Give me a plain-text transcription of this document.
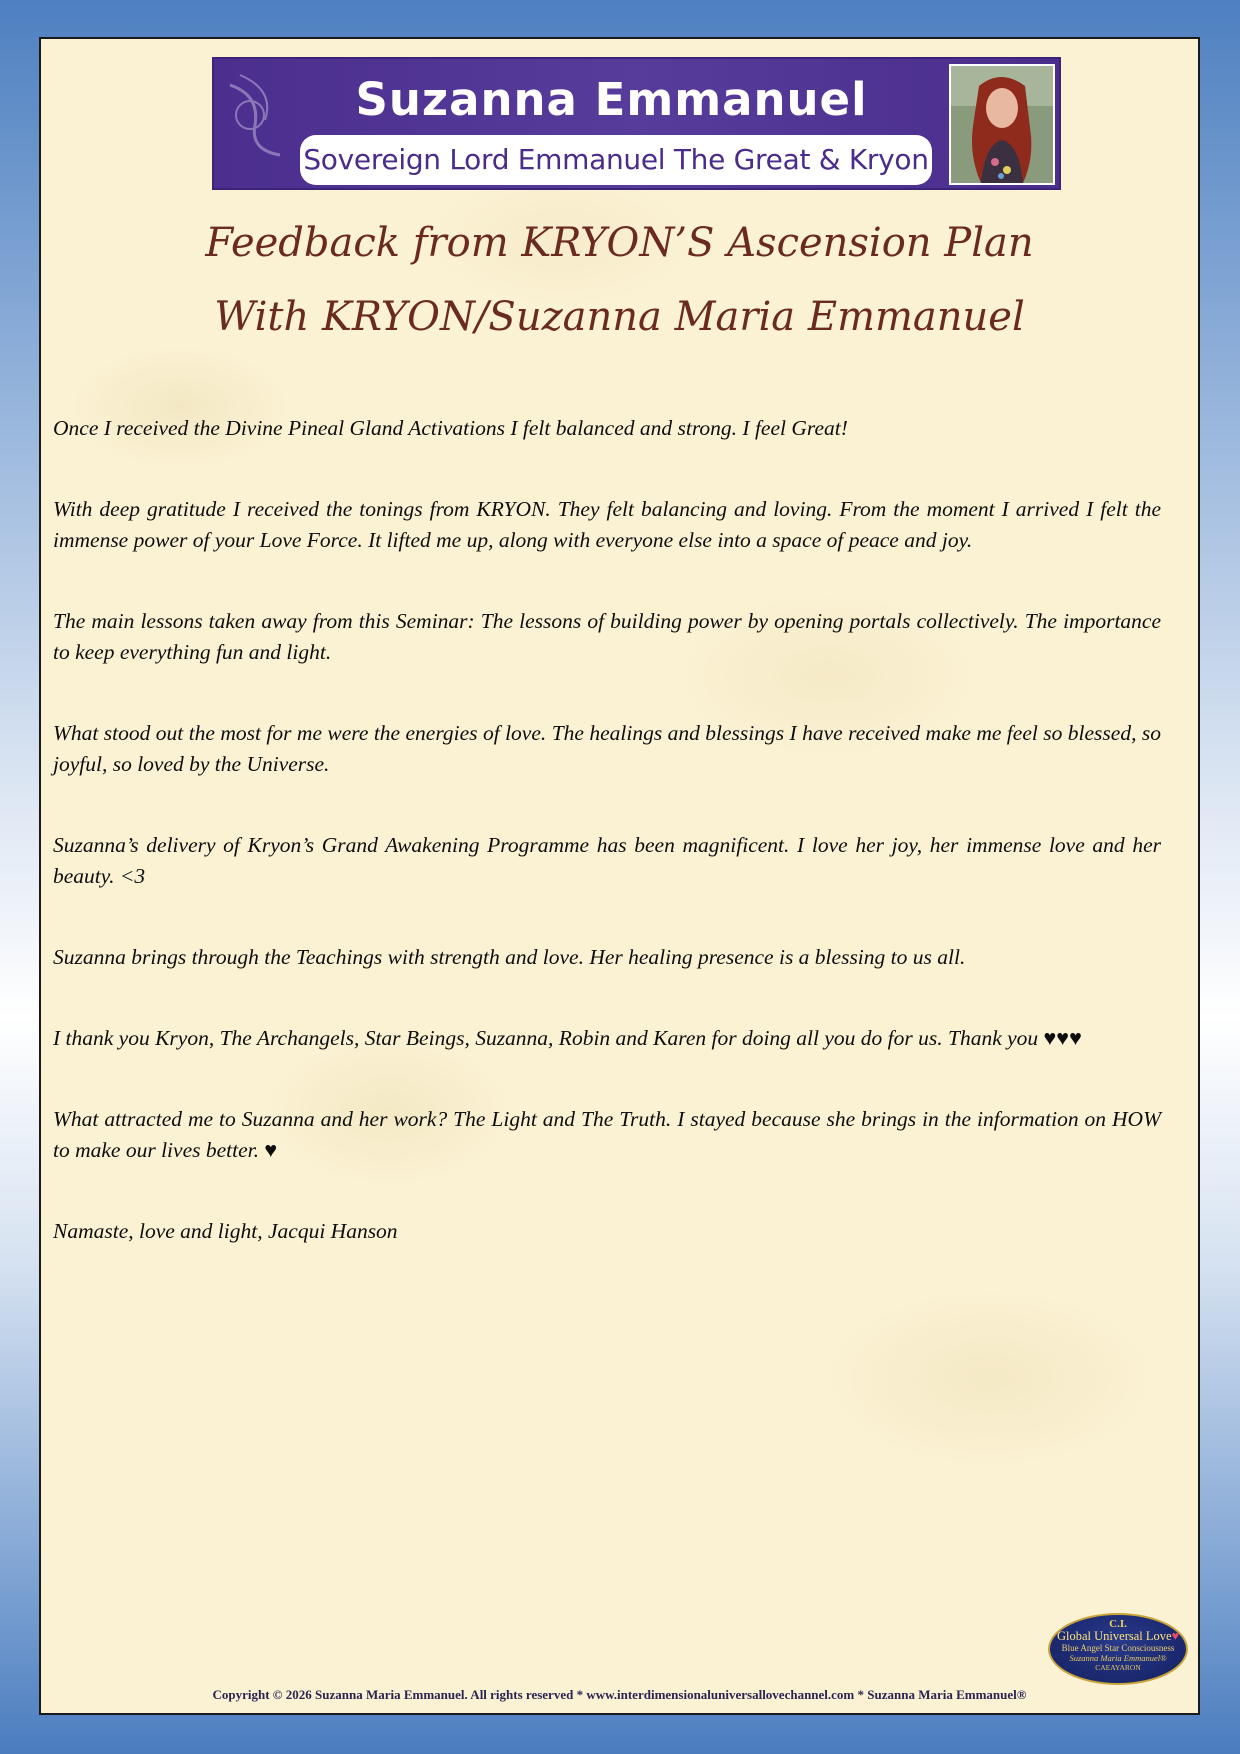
Suzanna Emmanuel
Sovereign Lord Emmanuel The Great & Kryon
Feedback from KRYON’S Ascension Plan
With KRYON/Suzanna Maria Emmanuel

Once I received the Divine Pineal Gland Activations I felt balanced and strong. I feel Great!

With deep gratitude I received the tonings from KRYON. They felt balancing and loving. From the moment I arrived I felt the immense power of your Love Force. It lifted me up, along with everyone else into a space of peace and joy.

The main lessons taken away from this Seminar: The lessons of building power by opening portals collectively. The importance to keep everything fun and light.

What stood out the most for me were the energies of love. The healings and blessings I have received make me feel so blessed, so joyful, so loved by the Universe.

Suzanna’s delivery of Kryon’s Grand Awakening Programme has been magnificent. I love her joy, her immense love and her beauty. <3

Suzanna brings through the Teachings with strength and love. Her healing presence is a blessing to us all.

I thank you Kryon, The Archangels, Star Beings, Suzanna, Robin and Karen for doing all you do for us. Thank you ♥♥♥

What attracted me to Suzanna and her work? The Light and The Truth. I stayed because she brings in the information on HOW to make our lives better. ♥

Namaste, love and light, Jacqui Hanson

C.I.
Global Universal Love♥
Blue Angel Star Consciousness
Suzanna Maria Emmanuel®
CAEAYARON
Copyright © 2026 Suzanna Maria Emmanuel. All rights reserved * www.interdimensionaluniversallovechannel.com * Suzanna Maria Emmanuel®
